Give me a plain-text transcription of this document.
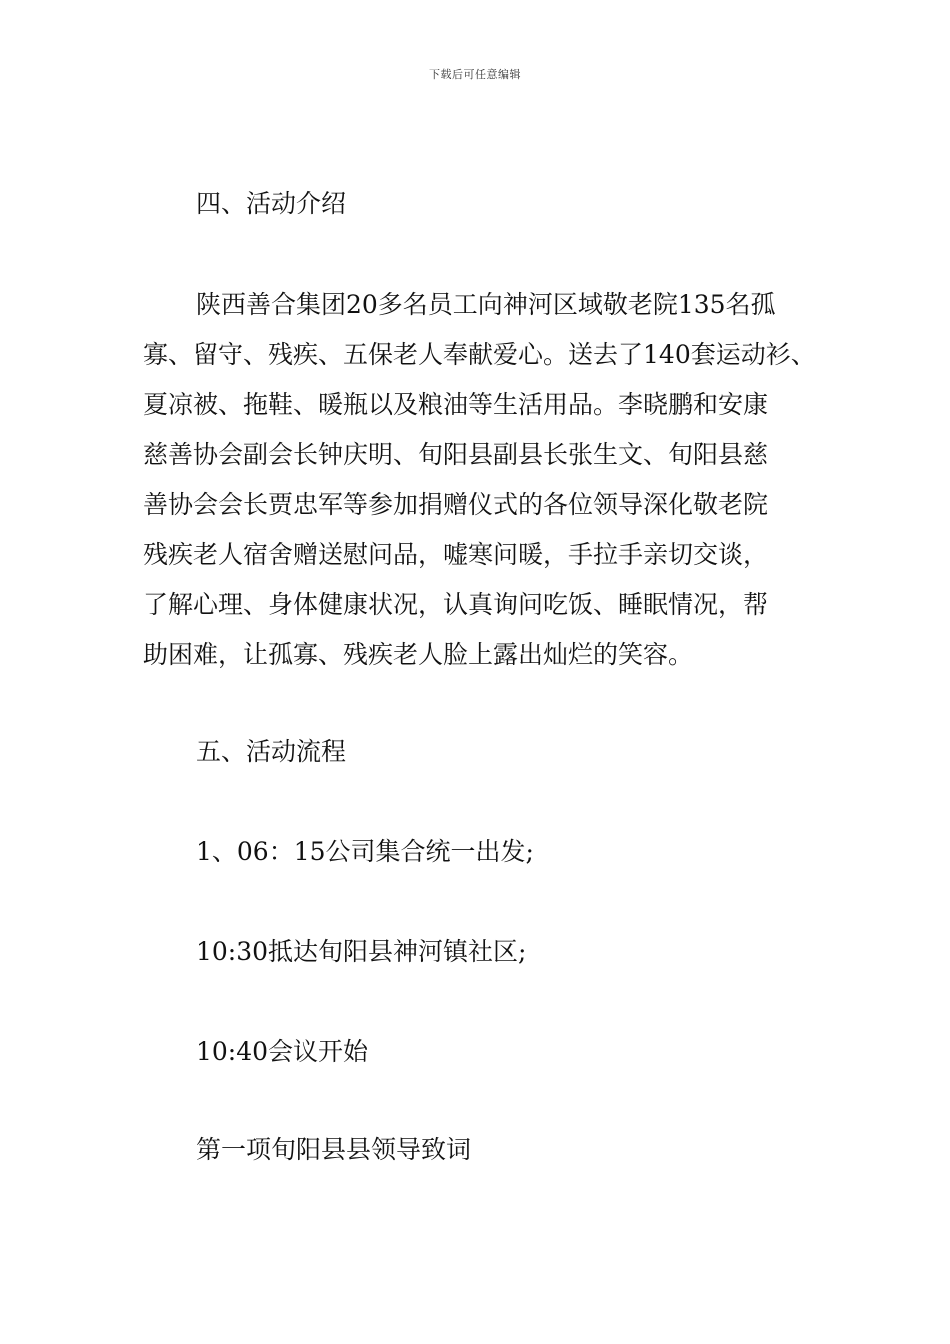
下载后可任意编辑
四、活动介绍
陕西善合集团20多名员工向神河区域敬老院135名孤
寡、留守、残疾、五保老人奉献爱心。送去了140套运动衫、
夏凉被、拖鞋、暖瓶以及粮油等生活用品。李晓鹏和安康
慈善协会副会长钟庆明、旬阳县副县长张生文、旬阳县慈
善协会会长贾忠军等参加捐赠仪式的各位领导深化敬老院
残疾老人宿舍赠送慰问品，嘘寒问暖，手拉手亲切交谈，
了解心理、身体健康状况，认真询问吃饭、睡眠情况，帮
助困难，让孤寡、残疾老人脸上露出灿烂的笑容。
五、活动流程
1、06：15公司集合统一出发;
10:30抵达旬阳县神河镇社区;
10:40会议开始
第一项旬阳县县领导致词
